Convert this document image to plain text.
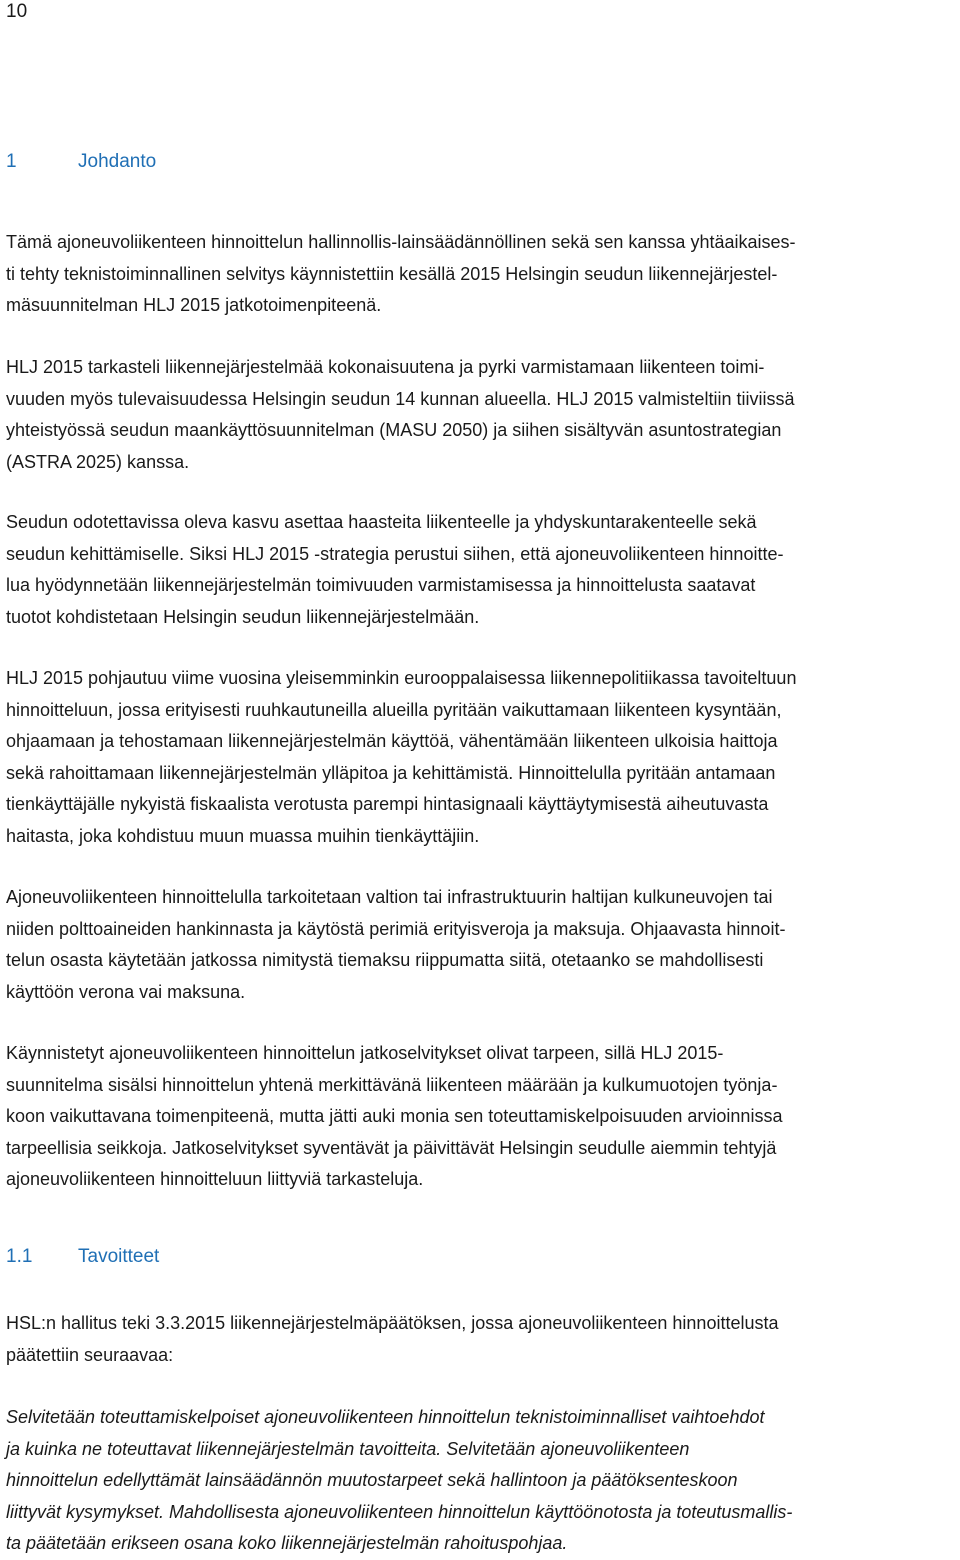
10
1	Johdanto

Tämä ajoneuvoliikenteen hinnoittelun hallinnollis-lainsäädännöllinen sekä sen kanssa yhtäaikaises-
ti tehty teknistoiminnallinen selvitys käynnistettiin kesällä 2015 Helsingin seudun liikennejärjestel-
mäsuunnitelman HLJ 2015 jatkotoimenpiteenä.

HLJ 2015 tarkasteli liikennejärjestelmää kokonaisuutena ja pyrki varmistamaan liikenteen toimi-
vuuden myös tulevaisuudessa Helsingin seudun 14 kunnan alueella. HLJ 2015 valmisteltiin tiiviissä
yhteistyössä seudun maankäyttösuunnitelman (MASU 2050) ja siihen sisältyvän asuntostrategian
(ASTRA 2025) kanssa.

Seudun odotettavissa oleva kasvu asettaa haasteita liikenteelle ja yhdyskuntarakenteelle sekä
seudun kehittämiselle. Siksi HLJ 2015 -strategia perustui siihen, että ajoneuvoliikenteen hinnoitte-
lua hyödynnetään liikennejärjestelmän toimivuuden varmistamisessa ja hinnoittelusta saatavat
tuotot kohdistetaan Helsingin seudun liikennejärjestelmään.

HLJ 2015 pohjautuu viime vuosina yleisemminkin eurooppalaisessa liikennepolitiikassa tavoiteltuun
hinnoitteluun, jossa erityisesti ruuhkautuneilla alueilla pyritään vaikuttamaan liikenteen kysyntään,
ohjaamaan ja tehostamaan liikennejärjestelmän käyttöä, vähentämään liikenteen ulkoisia haittoja
sekä rahoittamaan liikennejärjestelmän ylläpitoa ja kehittämistä. Hinnoittelulla pyritään antamaan
tienkäyttäjälle nykyistä fiskaalista verotusta parempi hintasignaali käyttäytymisestä aiheutuvasta
haitasta, joka kohdistuu muun muassa muihin tienkäyttäjiin.

Ajoneuvoliikenteen hinnoittelulla tarkoitetaan valtion tai infrastruktuurin haltijan kulkuneuvojen tai
niiden polttoaineiden hankinnasta ja käytöstä perimiä erityisveroja ja maksuja. Ohjaavasta hinnoit-
telun osasta käytetään jatkossa nimitystä tiemaksu riippumatta siitä, otetaanko se mahdollisesti
käyttöön verona vai maksuna.

Käynnistetyt ajoneuvoliikenteen hinnoittelun jatkoselvitykset olivat tarpeen, sillä HLJ 2015-
suunnitelma sisälsi hinnoittelun yhtenä merkittävänä liikenteen määrään ja kulkumuotojen työnja-
koon vaikuttavana toimenpiteenä, mutta jätti auki monia sen toteuttamiskelpoisuuden arvioinnissa
tarpeellisia seikkoja. Jatkoselvitykset syventävät ja päivittävät Helsingin seudulle aiemmin tehtyjä
ajoneuvoliikenteen hinnoitteluun liittyviä tarkasteluja.

1.1 Tavoitteet

HSL:n hallitus teki 3.3.2015 liikennejärjestelmäpäätöksen, jossa ajoneuvoliikenteen hinnoittelusta
päätettiin seuraavaa:

Selvitetään toteuttamiskelpoiset ajoneuvoliikenteen hinnoittelun teknistoiminnalliset vaihtoehdot
ja kuinka ne toteuttavat liikennejärjestelmän tavoitteita. Selvitetään ajoneuvoliikenteen
hinnoittelun edellyttämät lainsäädännön muutostarpeet sekä hallintoon ja päätöksenteskoon
liittyvät kysymykset. Mahdollisesta ajoneuvoliikenteen hinnoittelun käyttöönotosta ja toteutusmallis-
ta päätetään erikseen osana koko liikennejärjestelmän rahoituspohjaa.
